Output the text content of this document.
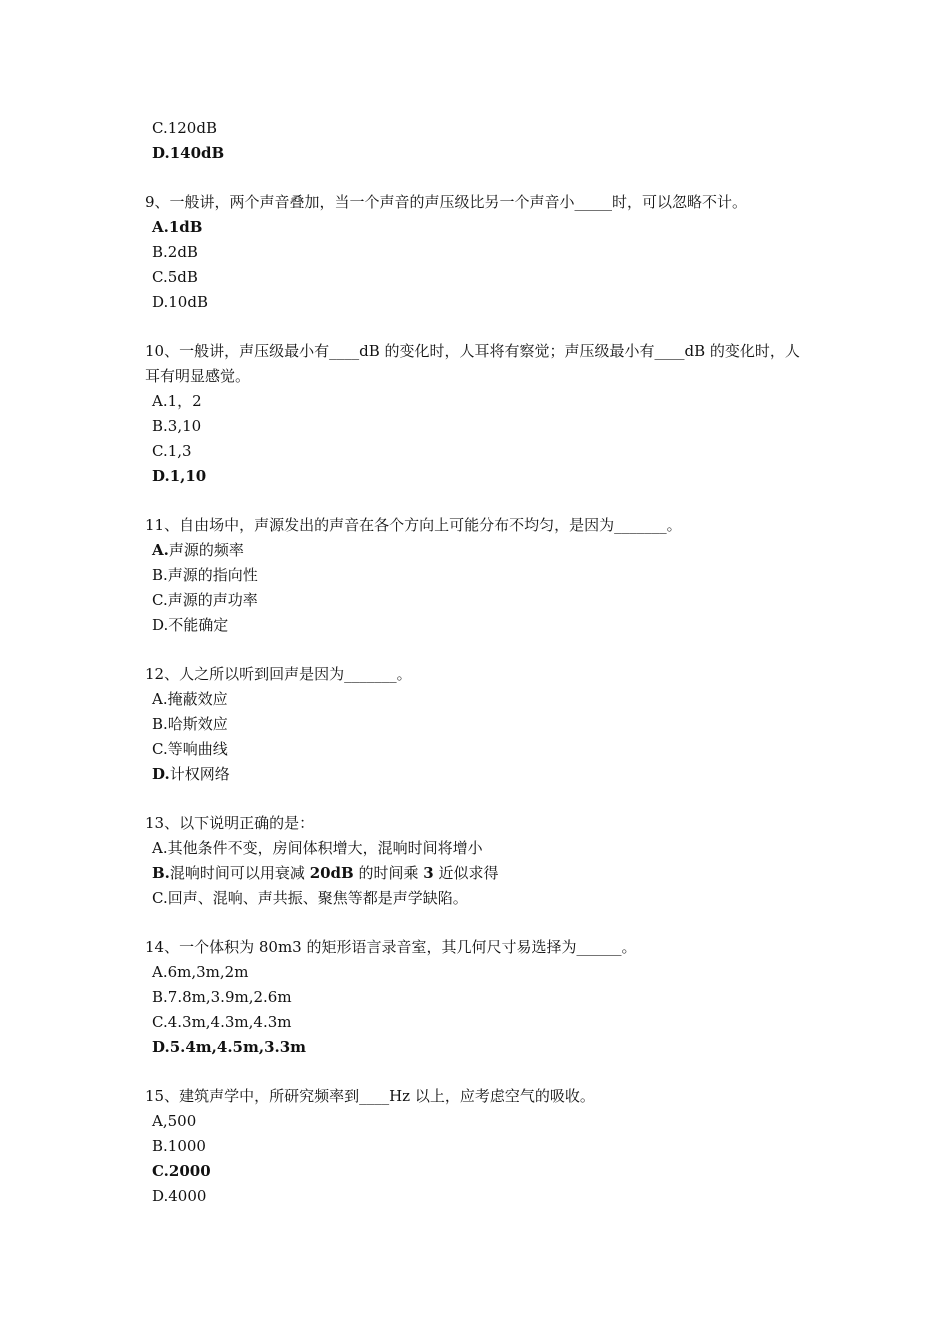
C.120dB
D.140dB
9、一般讲，两个声音叠加，当一个声音的声压级比另一个声音小_____时，可以忽略不计。
A.1dB
B.2dB
C.5dB
D.10dB
10、一般讲，声压级最小有____dB 的变化时，人耳将有察觉；声压级最小有____dB 的变化时，人耳有明显感觉。
A.1，2
B.3,10
C.1,3
D.1,10
11、自由场中，声源发出的声音在各个方向上可能分布不均匀，是因为_______。
A.声源的频率
B.声源的指向性
C.声源的声功率
D.不能确定
12、人之所以听到回声是因为_______。
A.掩蔽效应
B.哈斯效应
C.等响曲线
D.计权网络
13、以下说明正确的是：
A.其他条件不变，房间体积增大，混响时间将增小
B.混响时间可以用衰减 20dB 的时间乘 3 近似求得
C.回声、混响、声共振、聚焦等都是声学缺陷。
14、一个体积为 80m3 的矩形语言录音室，其几何尺寸易选择为______。
A.6m,3m,2m
B.7.8m,3.9m,2.6m
C.4.3m,4.3m,4.3m
D.5.4m,4.5m,3.3m
15、建筑声学中，所研究频率到____Hz 以上，应考虑空气的吸收。
A,500
B.1000
C.2000
D.4000
